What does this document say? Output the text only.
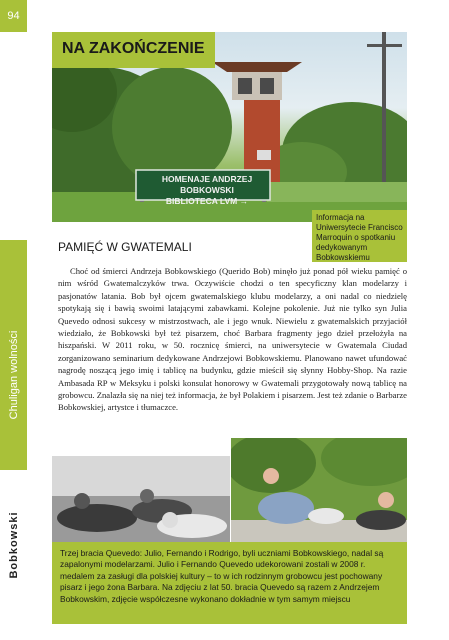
94
Chuligan wolności
Bobkowski
HOMENAJE ANDRZEJ BOBKOWSKI
BIBLIOTECA LVM →
NA ZAKOŃCZENIE
Informacja na Uniwersytecie Francisco Marroquin o spotkaniu dedykowanym Bobkowskiemu
PAMIĘĆ W GWATEMALI
Choć od śmierci Andrzeja Bobkowskiego (Querido Bob) minęło już ponad pół wieku pamięć o nim wśród Gwatemalczyków trwa. Oczywiście chodzi o ten specyficzny klan modelarzy i pasjonatów latania. Bob był ojcem gwatemalskiego klubu modelarzy, a oni nadal co niedzielę spotykają się i bawią swoimi latającymi zabawkami. Kolejne pokolenie. Już nie tylko syn Julia Quevedo odnosi sukcesy w mistrzostwach, ale i jego wnuk. Niewielu z gwatemalskich przyjaciół wiedziało, że Bobkowski był też pisarzem, choć Barbara fragmenty jego dzieł przełożyła na hiszpański. W 2011 roku, w 50. rocznicę śmierci, na uniwersytecie w Gwatemala Ciudad zorganizowano seminarium dedykowane Andrzejowi Bobkowskiemu. Planowano nawet ufundować nagrodę noszącą jego imię i tablicę na budynku, gdzie mieścił się słynny Hobby-Shop. Na razie Ambasada RP w Meksyku i polski konsulat honorowy w Gwatemali przygotowały nową tablicę na grobowcu. Znalazła się na niej też informacja, że był Polakiem i pisarzem. Jest też zdanie o Barbarze Bobkowskiej, artystce i tłumaczce.
Trzej bracia Quevedo: Julio, Fernando i Rodrigo, byli uczniami Bobkowskiego, nadal są zapalonymi modelarzami. Julio i Fernando Quevedo udekorowani zostali w 2008 r. medalem za zasługi dla polskiej kultury – to w ich rodzinnym grobowcu jest pochowany pisarz i jego żona Barbara. Na zdjęciu z lat 50. bracia Quevedo są razem z Andrzejem Bobkowskim, zdjęcie współczesne wykonano dokładnie w tym samym miejscu
